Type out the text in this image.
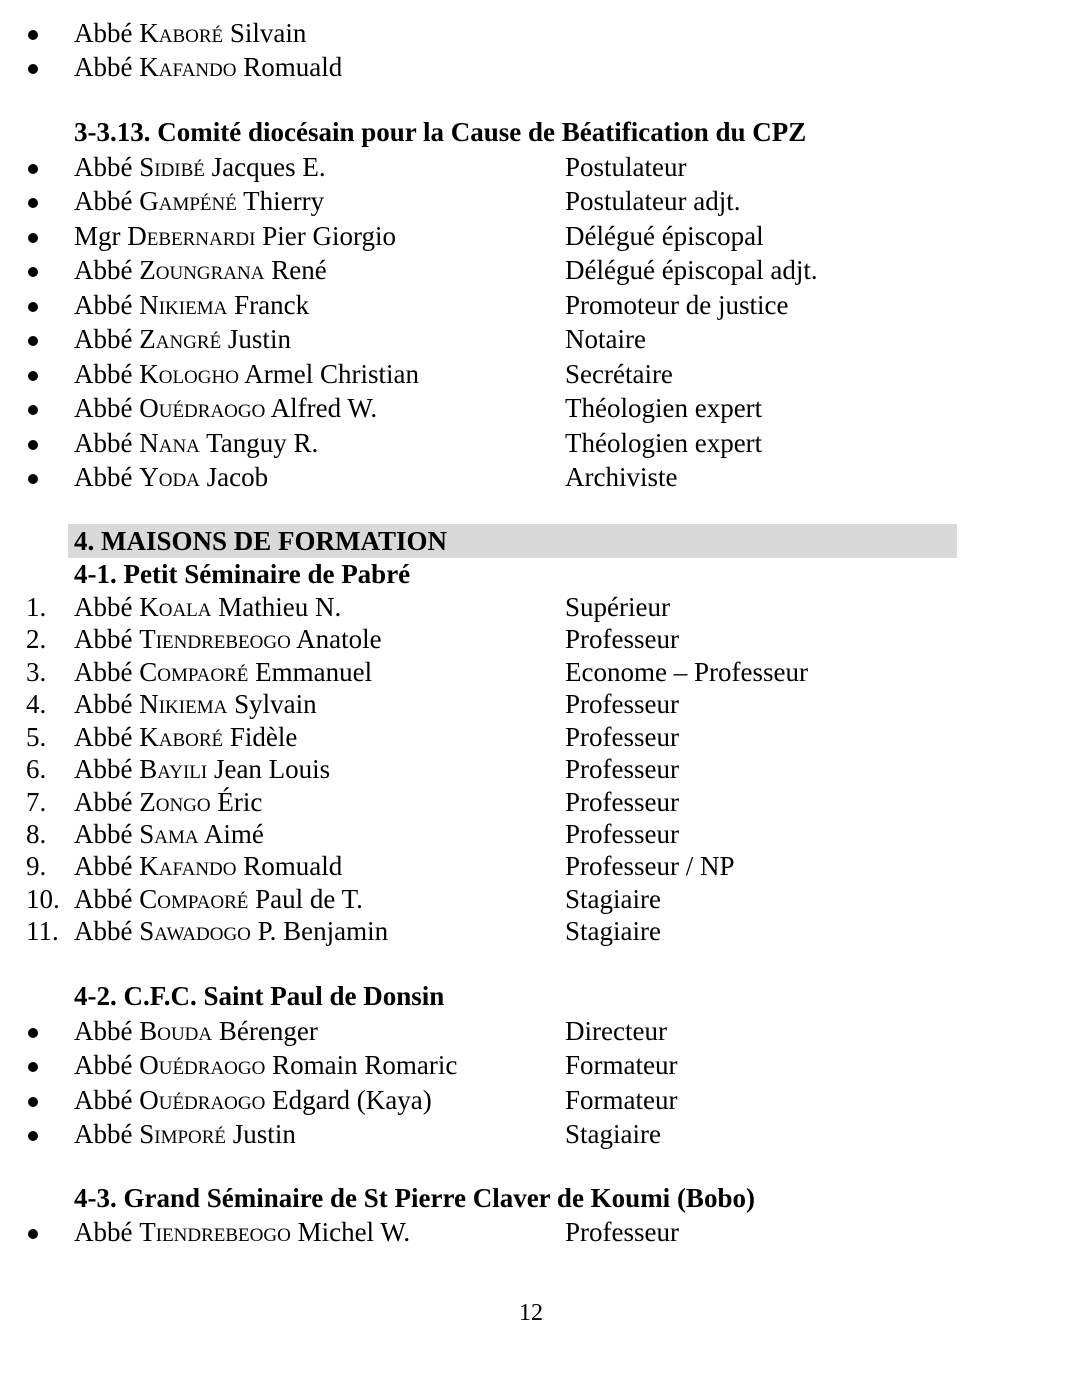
Abbé Kaboré Silvain
Abbé Kafando Romuald
3-3.13. Comité diocésain pour la Cause de Béatification du CPZ
Abbé Sidibé Jacques E.	Postulateur
Abbé Gampéné Thierry	Postulateur adjt.
Mgr Debernardi Pier Giorgio	Délégué épiscopal
Abbé Zoungrana René	Délégué épiscopal adjt.
Abbé Nikiema Franck	Promoteur de justice
Abbé Zangré Justin	Notaire
Abbé Kologho Armel Christian	Secrétaire
Abbé Ouédraogo Alfred W.	Théologien expert
Abbé Nana Tanguy R.	Théologien expert
Abbé Yoda Jacob	Archiviste
4. MAISONS DE FORMATION
4-1. Petit Séminaire de Pabré
1. Abbé Koala Mathieu N.	Supérieur
2. Abbé Tiendrebeogo Anatole	Professeur
3. Abbé Compaoré Emmanuel	Econome – Professeur
4. Abbé Nikiema Sylvain	Professeur
5. Abbé Kaboré Fidèle	Professeur
6. Abbé Bayili Jean Louis	Professeur
7. Abbé Zongo Éric	Professeur
8. Abbé Sama Aimé	Professeur
9. Abbé Kafando Romuald	Professeur / NP
10. Abbé Compaoré Paul de T.	Stagiaire
11. Abbé Sawadogo P. Benjamin	Stagiaire
4-2. C.F.C. Saint Paul de Donsin
Abbé Bouda Bérenger	Directeur
Abbé Ouédraogo Romain Romaric	Formateur
Abbé Ouédraogo Edgard (Kaya)	Formateur
Abbé Simporé Justin	Stagiaire
4-3. Grand Séminaire de St Pierre Claver de Koumi (Bobo)
Abbé Tiendrebeogo Michel W.	Professeur
12
